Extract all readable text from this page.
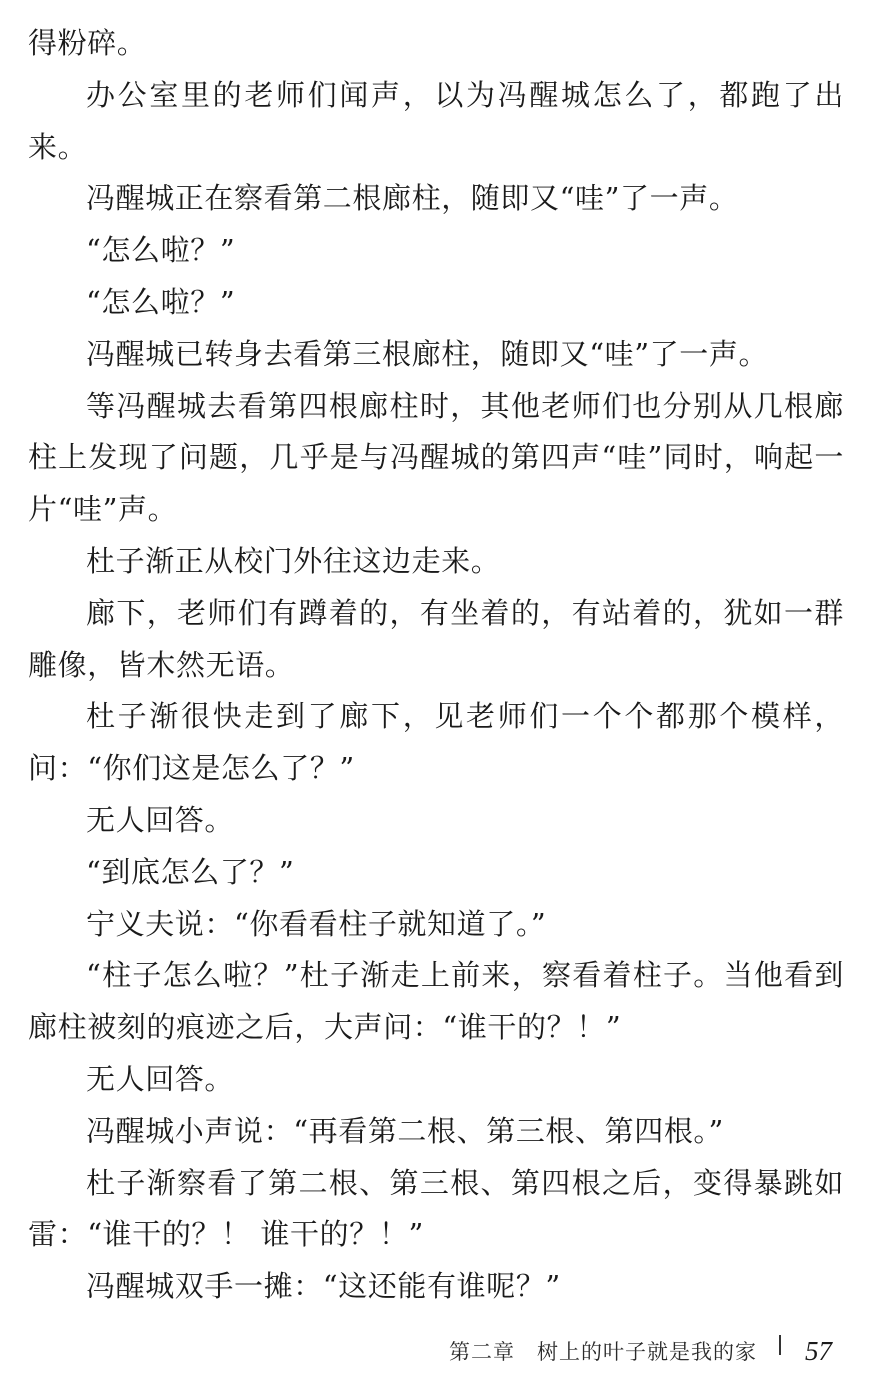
得粉碎。

办公室里的老师们闻声，以为冯醒城怎么了，都跑了出来。

冯醒城正在察看第二根廊柱，随即又“哇”了一声。

“怎么啦？”

“怎么啦？”

冯醒城已转身去看第三根廊柱，随即又“哇”了一声。

等冯醒城去看第四根廊柱时，其他老师们也分别从几根廊柱上发现了问题，几乎是与冯醒城的第四声“哇”同时，响起一片“哇”声。

杜子渐正从校门外往这边走来。

廊下，老师们有蹲着的，有坐着的，有站着的，犹如一群雕像，皆木然无语。

杜子渐很快走到了廊下，见老师们一个个都那个模样，问：“你们这是怎么了？”

无人回答。

“到底怎么了？”

宁义夫说：“你看看柱子就知道了。”

“柱子怎么啦？”杜子渐走上前来，察看着柱子。当他看到廊柱被刻的痕迹之后，大声问：“谁干的？！”

无人回答。

冯醒城小声说：“再看第二根、第三根、第四根。”

杜子渐察看了第二根、第三根、第四根之后，变得暴跳如雷：“谁干的？！ 谁干的？！”

冯醒城双手一摊：“这还能有谁呢？”

第二章　树上的叶子就是我的家 57
